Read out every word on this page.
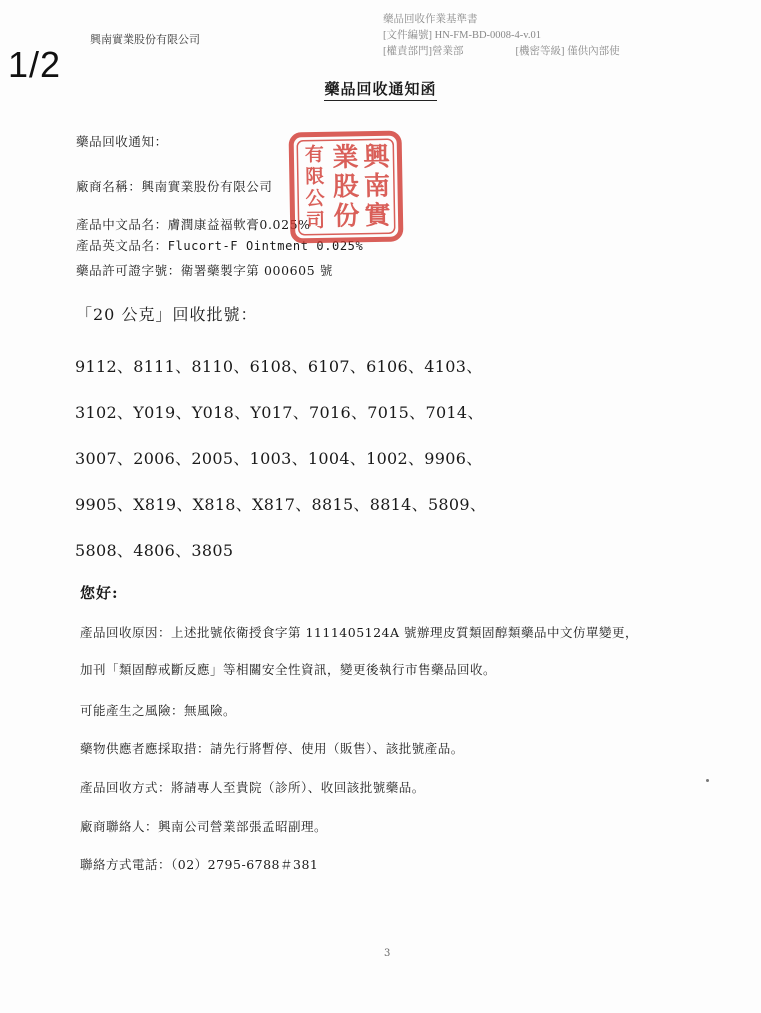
1/2
興南實業股份有限公司
藥品回收作業基準書
[文件編號]
HN-FM-BD-0008-4-v.01
[權責部門] 營業部	[機密等級]
僅供內部使
藥品回收通知函
藥品回收通知：
廠商名稱：興南實業股份有限公司
產品中文品名：膚潤康益福軟膏0.025%
產品英文品名：Flucort-F Ointment 0.025%
藥品許可證字號：衛署藥製字第 000605 號
興
南
實
業
股
份
有
限
公
司
「20 公克」回收批號：
9112、8111、8110、6108、6107、6106、4103、
3102、Y019、Y018、Y017、7016、7015、7014、
3007、2006、2005、1003、1004、1002、9906、
9905、X819、X818、X817、8815、8814、5809、
5808、4806、3805
您好:
產品回收原因：上述批號依衛授食字第 1111405124A 號辦理皮質類固醇類藥品中文仿單變更，
加刊「類固醇戒斷反應」等相關安全性資訊，變更後執行市售藥品回收。
可能產生之風險：無風險。
藥物供應者應採取措：請先行將暫停、使用（販售）、該批號產品。
產品回收方式：將請專人至貴院（診所）、收回該批號藥品。
廠商聯絡人：興南公司營業部張孟昭副理。
聯絡方式電話：（02）2795-6788＃381
3
